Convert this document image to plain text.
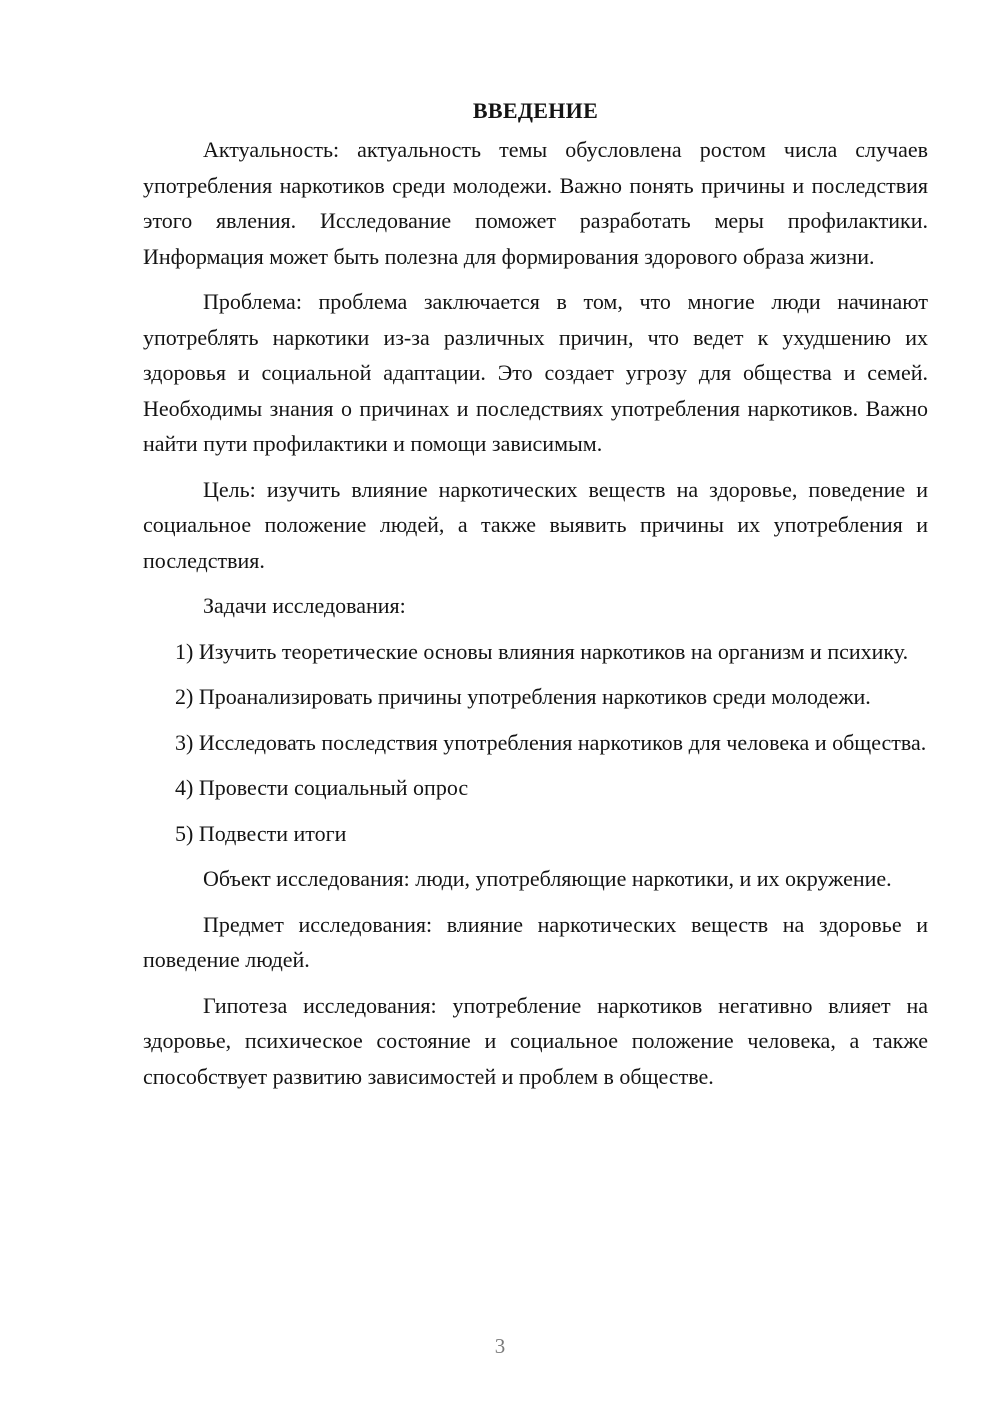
ВВЕДЕНИЕ

Актуальность: актуальность темы обусловлена ростом числа случаев употребления наркотиков среди молодежи. Важно понять причины и последствия этого явления. Исследование поможет разработать меры профилактики. Информация может быть полезна для формирования здорового образа жизни.

Проблема: проблема заключается в том, что многие люди начинают употреблять наркотики из-за различных причин, что ведет к ухудшению их здоровья и социальной адаптации. Это создает угрозу для общества и семей. Необходимы знания о причинах и последствиях употребления наркотиков. Важно найти пути профилактики и помощи зависимым.

Цель: изучить влияние наркотических веществ на здоровье, поведение и социальное положение людей, а также выявить причины их употребления и последствия.

Задачи исследования:

1) Изучить теоретические основы влияния наркотиков на организм и психику.

2) Проанализировать причины употребления наркотиков среди молодежи.

3) Исследовать последствия употребления наркотиков для человека и общества.

4) Провести социальный опрос

5) Подвести итоги

Объект исследования: люди, употребляющие наркотики, и их окружение.

Предмет исследования: влияние наркотических веществ на здоровье и поведение людей.

Гипотеза исследования: употребление наркотиков негативно влияет на здоровье, психическое состояние и социальное положение человека, а также способствует развитию зависимостей и проблем в обществе.

3
